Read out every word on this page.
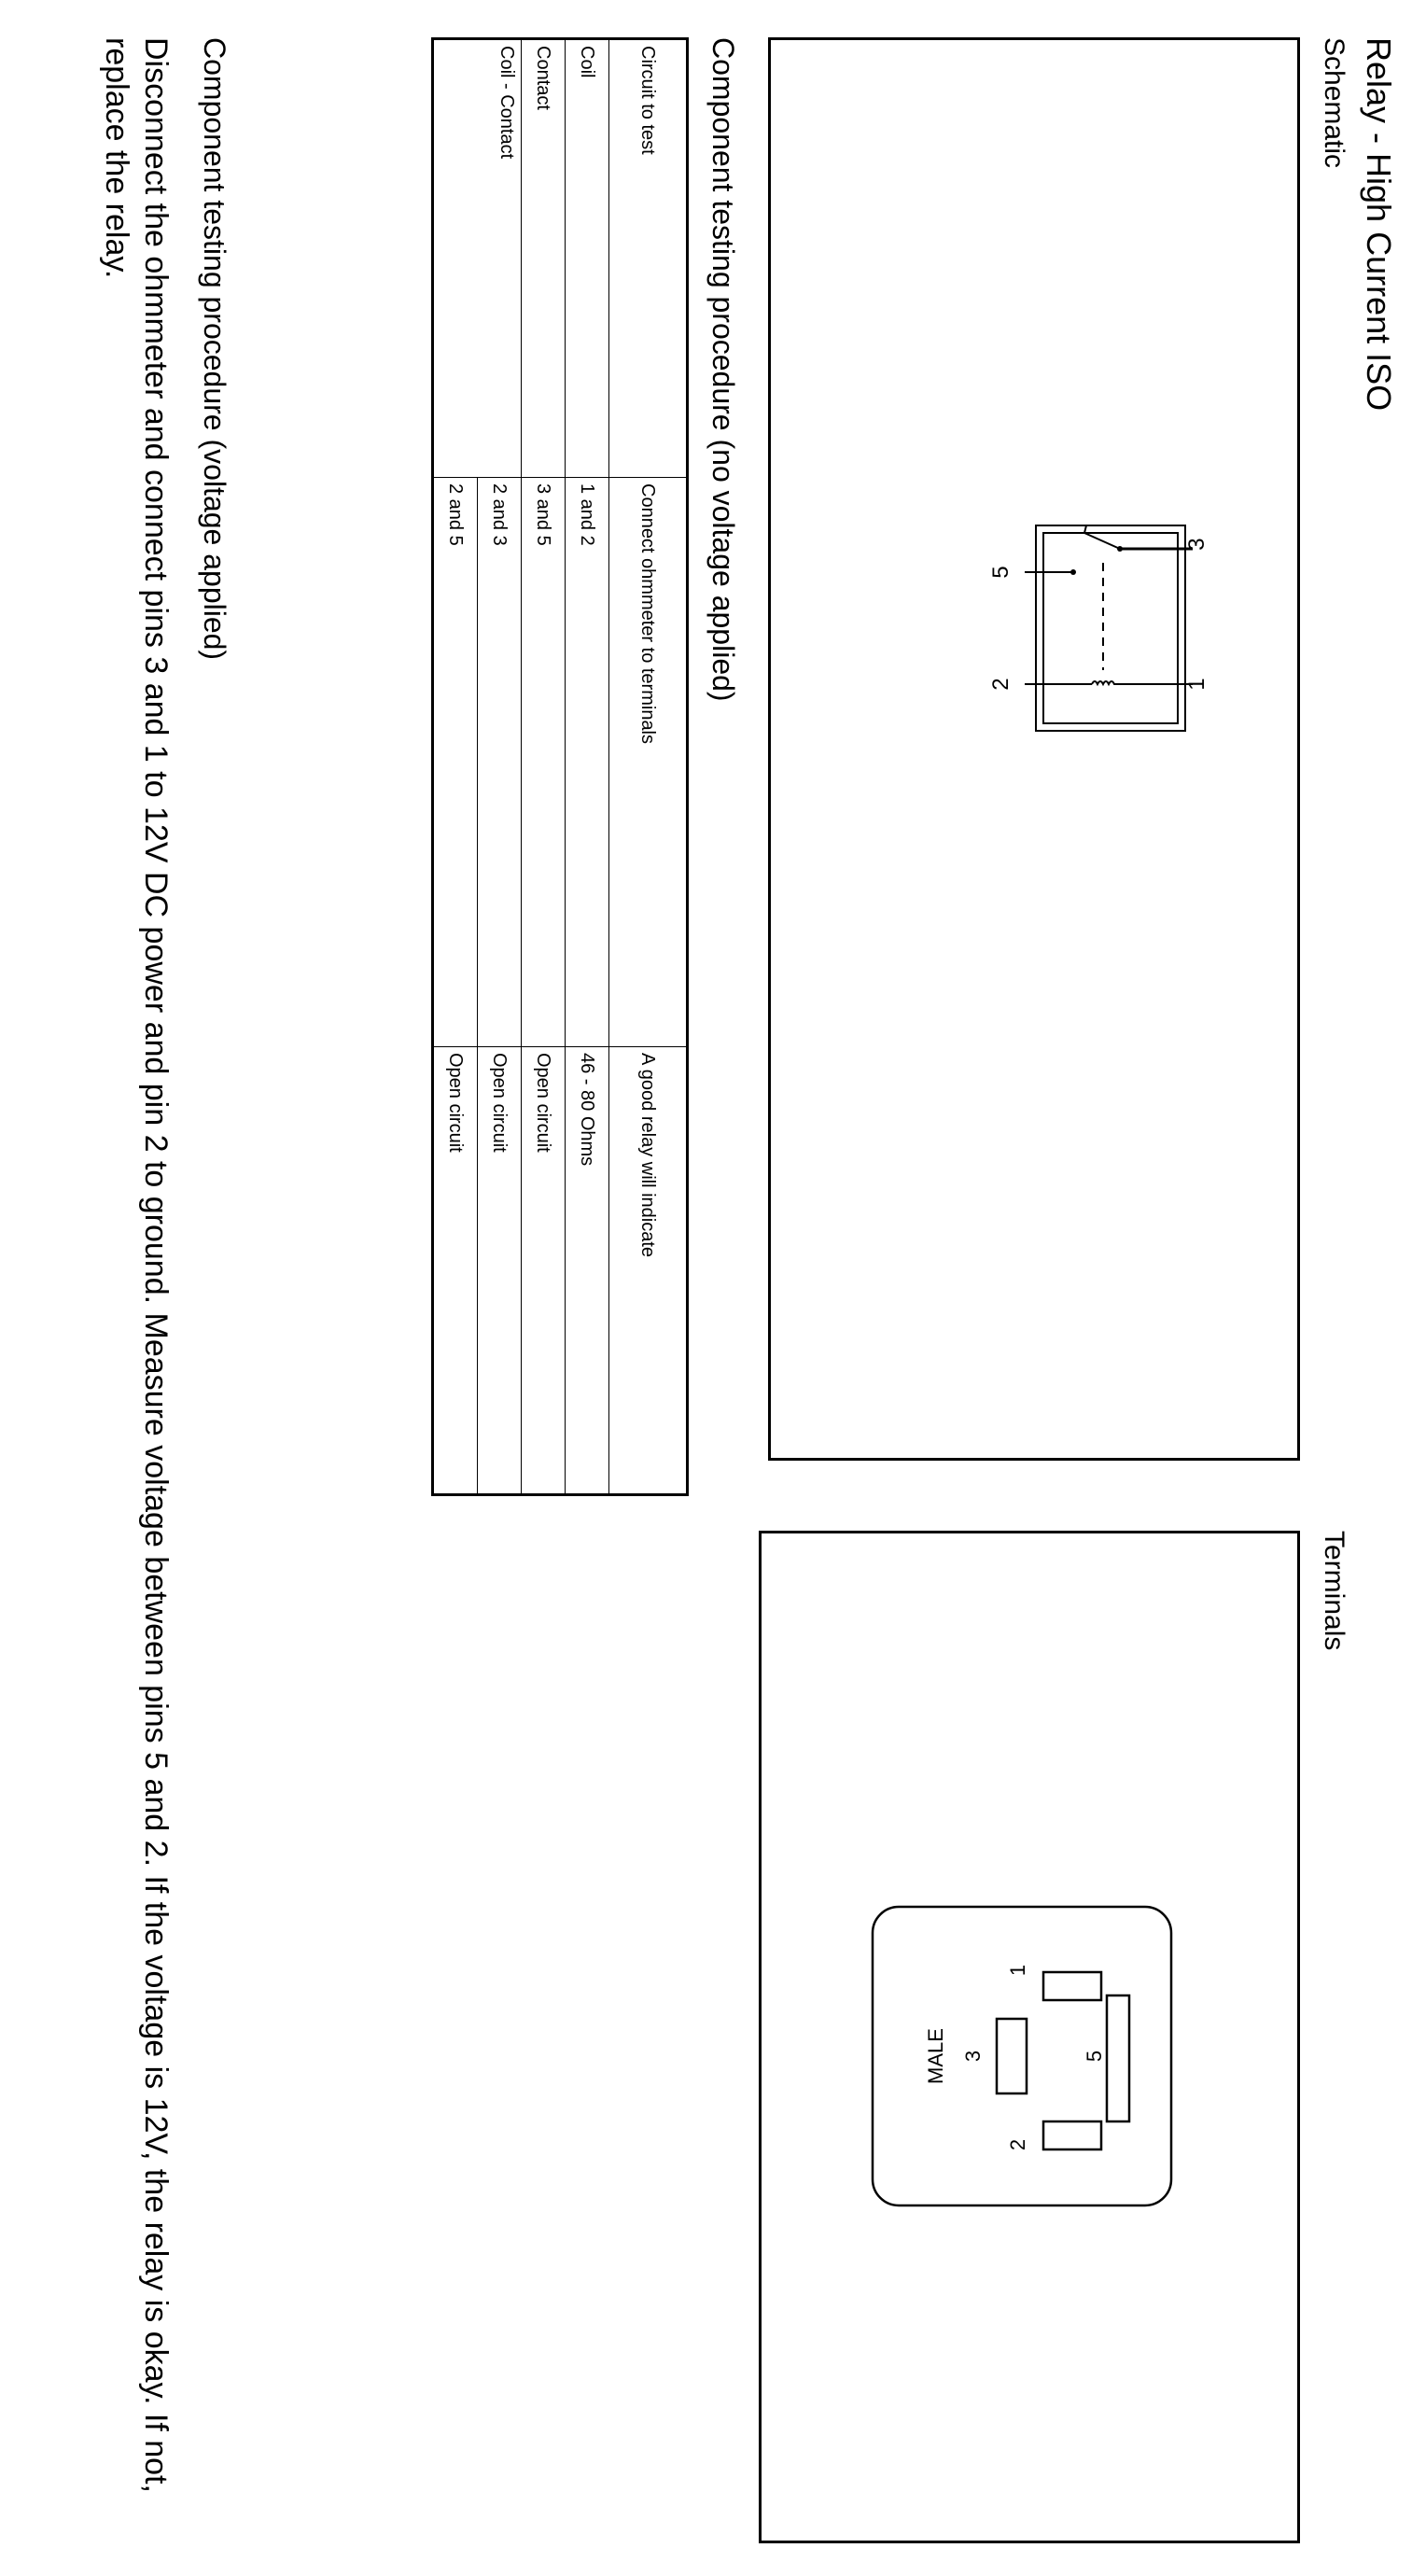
Relay - High Current ISO
Schematic
Terminals
3
1
5
2
1
5
3
2
MALE
Component testing procedure (no voltage applied)
Circuit to test	Connect ohmmeter to terminals	A good relay will indicate
Coil	1 and 2	46 - 80 Ohms
Contact	3 and 5	Open circuit
Coil - Contact	2 and 3	Open circuit
	2 and 5	Open circuit
Component testing procedure (voltage applied)
Disconnect the ohmmeter and connect pins 3 and 1 to 12V DC power and pin 2 to ground. Measure voltage between pins 5 and 2. If the voltage is 12V, the relay is okay. If not, replace the relay.
